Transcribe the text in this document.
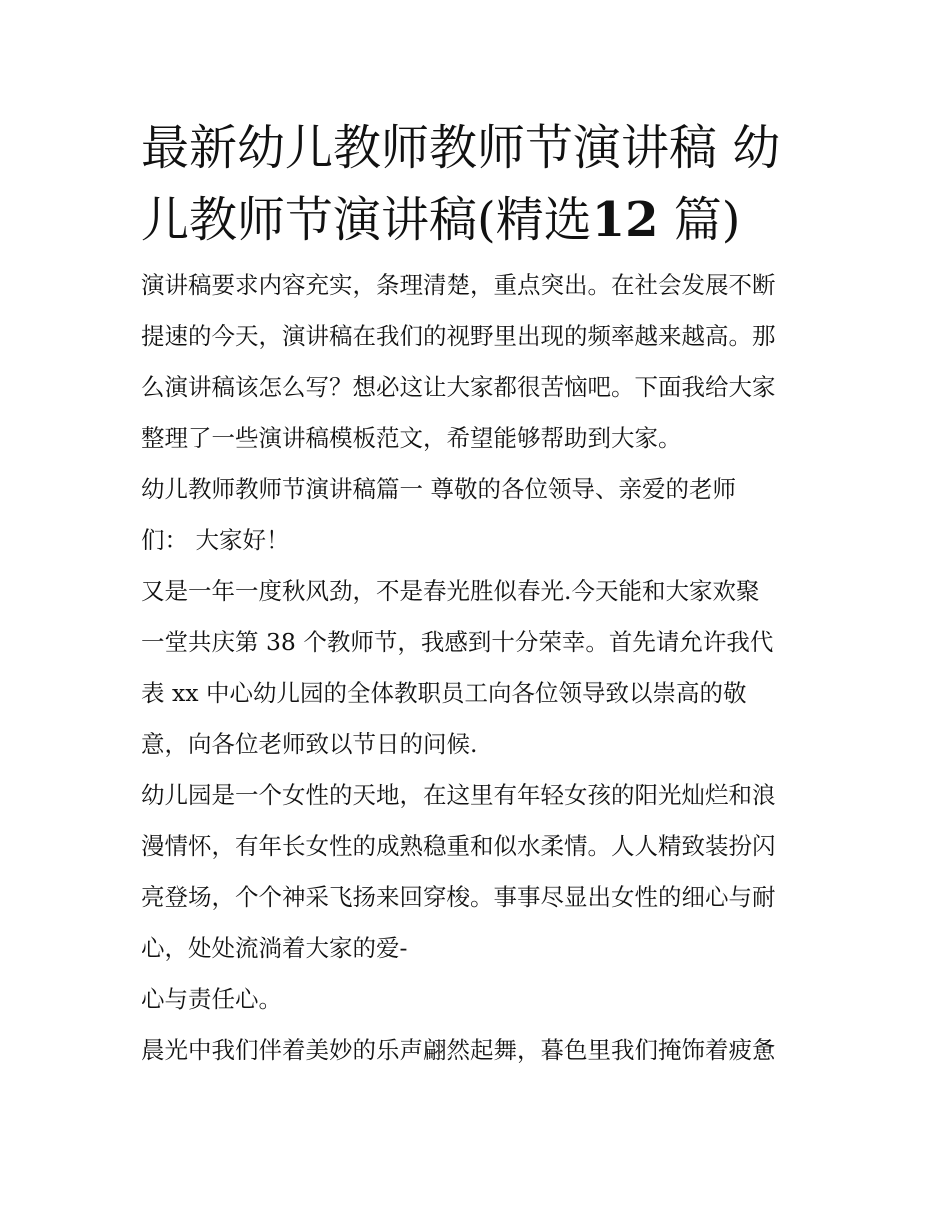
最新幼儿教师教师节演讲稿 幼
儿教师节演讲稿(精选12 篇)

演讲稿要求内容充实，条理清楚，重点突出。在社会发展不断

提速的今天，演讲稿在我们的视野里出现的频率越来越高。那

么演讲稿该怎么写？想必这让大家都很苦恼吧。下面我给大家

整理了一些演讲稿模板范文，希望能够帮助到大家。

幼儿教师教师节演讲稿篇一 尊敬的各位领导、亲爱的老师

们： 大家好！

又是一年一度秋风劲，不是春光胜似春光.今天能和大家欢聚

一堂共庆第 38 个教师节，我感到十分荣幸。首先请允许我代

表 xx 中心幼儿园的全体教职员工向各位领导致以崇高的敬

意，向各位老师致以节日的问候.

幼儿园是一个女性的天地，在这里有年轻女孩的阳光灿烂和浪

漫情怀，有年长女性的成熟稳重和似水柔情。人人精致装扮闪

亮登场，个个神采飞扬来回穿梭。事事尽显出女性的细心与耐

心，处处流淌着大家的爱-

心与责任心。

晨光中我们伴着美妙的乐声翩然起舞，暮色里我们掩饰着疲惫
